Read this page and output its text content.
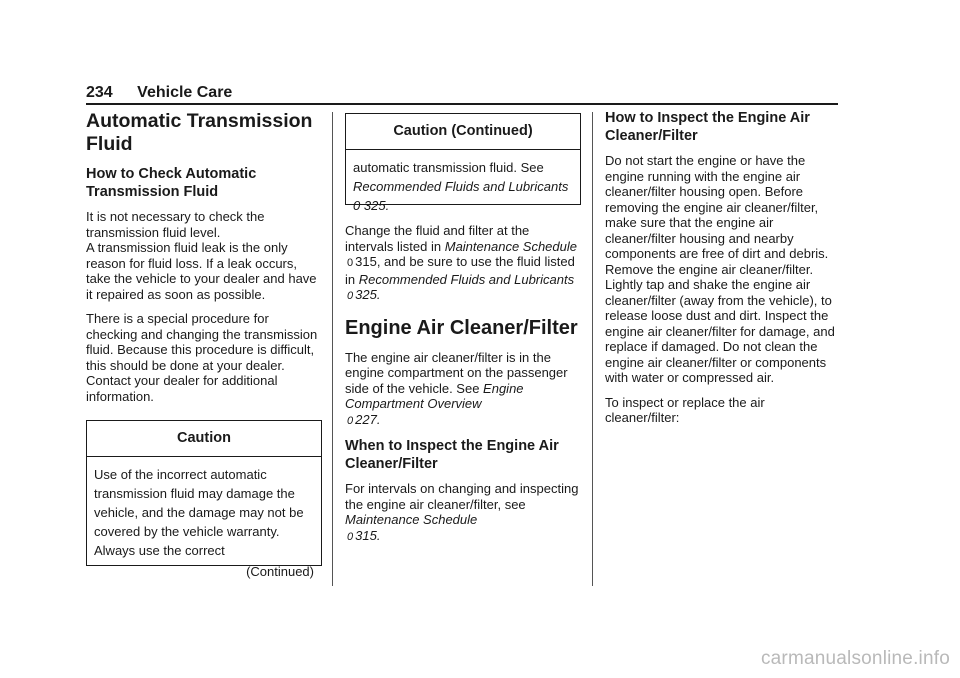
234 Vehicle Care
Automatic Transmission Fluid
How to Check Automatic Transmission Fluid
It is not necessary to check the transmission fluid level.
A transmission fluid leak is the only reason for fluid loss. If a leak occurs, take the vehicle to your dealer and have it repaired as soon as possible.
There is a special procedure for checking and changing the transmission fluid. Because this procedure is difficult, this should be done at your dealer. Contact your dealer for additional information.
Caution
Use of the incorrect automatic transmission fluid may damage the vehicle, and the damage may not be covered by the vehicle warranty. Always use the correct
(Continued)
Caution (Continued)
automatic transmission fluid. See Recommended Fluids and Lubricants 0 325.
Change the fluid and filter at the intervals listed in Maintenance Schedule 0 315, and be sure to use the fluid listed in Recommended Fluids and Lubricants 0 325.
Engine Air Cleaner/Filter
The engine air cleaner/filter is in the engine compartment on the passenger side of the vehicle. See Engine Compartment Overview
0 227.
When to Inspect the Engine Air Cleaner/Filter
For intervals on changing and inspecting the engine air cleaner/filter, see Maintenance Schedule
0 315.
How to Inspect the Engine Air Cleaner/Filter
Do not start the engine or have the engine running with the engine air cleaner/filter housing open. Before removing the engine air cleaner/filter, make sure that the engine air cleaner/filter housing and nearby components are free of dirt and debris. Remove the engine air cleaner/filter. Lightly tap and shake the engine air cleaner/filter (away from the vehicle), to release loose dust and dirt. Inspect the engine air cleaner/filter for damage, and replace if damaged. Do not clean the engine air cleaner/filter or components with water or compressed air.
To inspect or replace the air cleaner/filter:
carmanualsonline.info
